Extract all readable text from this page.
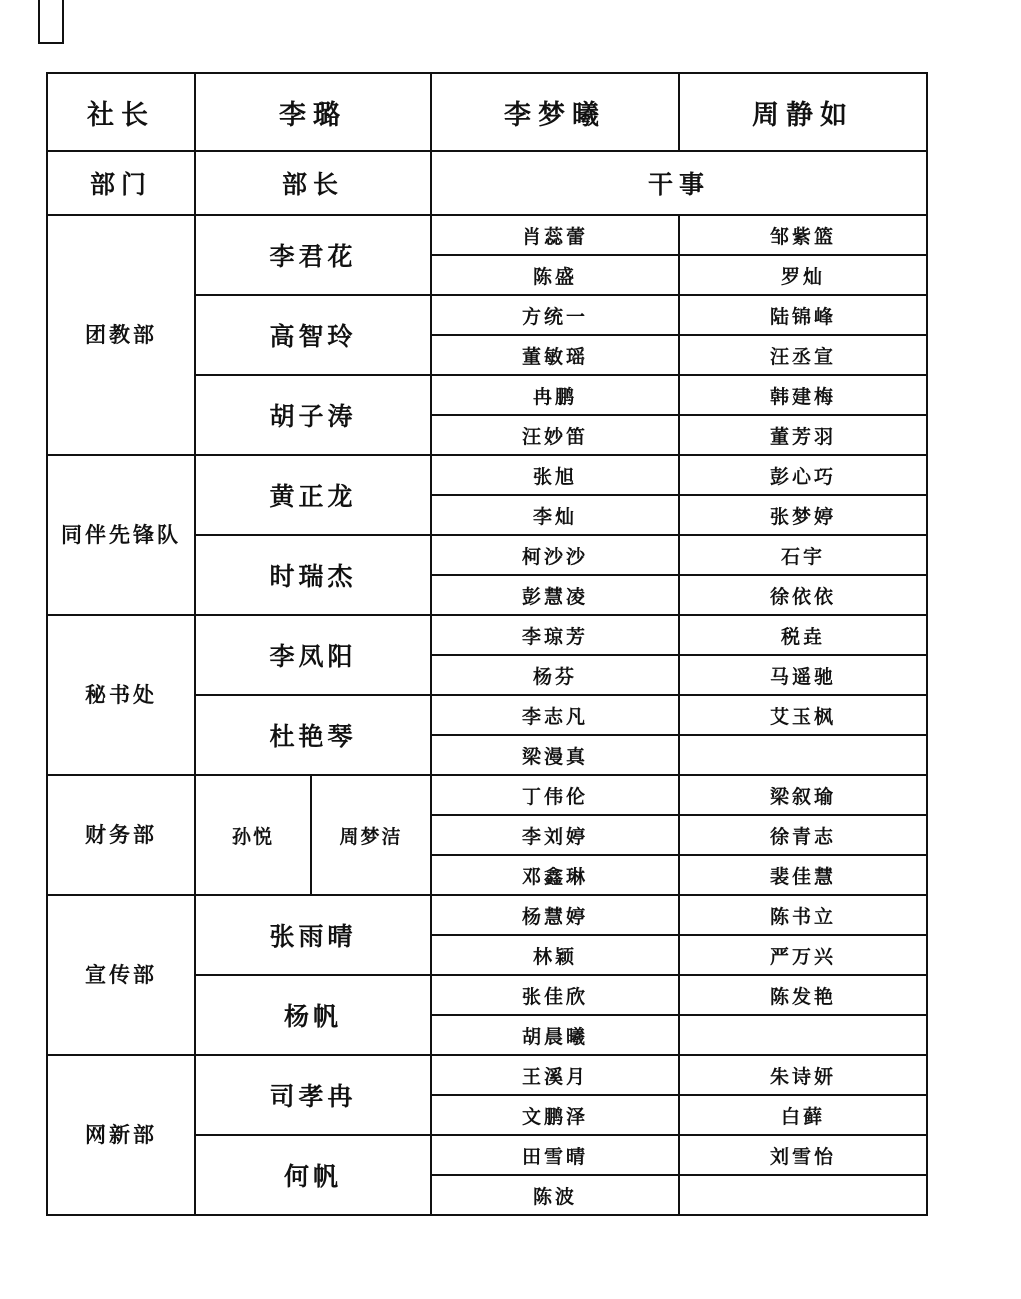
社长	李璐		李梦曦	周静如
部门	部长		干事	
团教部	李君花		肖蕊蕾	邹紫篮
			陈盛	罗灿
	高智玲		方统一	陆锦峰
			董敏瑶	汪丞宣
	胡子涛		冉鹏	韩建梅
			汪妙笛	董芳羽
同伴先锋队	黄正龙		张旭	彭心巧
			李灿	张梦婷
	时瑞杰		柯沙沙	石宇
			彭慧凌	徐依依
秘书处	李凤阳		李琼芳	税垚
			杨芬	马遥驰
	杜艳琴		李志凡	艾玉枫
			梁漫真	
财务部	孙悦	周梦洁	丁伟伦	梁叙瑜
			李刘婷	徐青志
			邓鑫琳	裴佳慧
宣传部	张雨晴		杨慧婷	陈书立
			林颖	严万兴
	杨帆		张佳欣	陈发艳
			胡晨曦	
网新部	司孝冉		王溪月	朱诗妍
			文鹏泽	白藓
	何帆		田雪晴	刘雪怡
			陈波	
